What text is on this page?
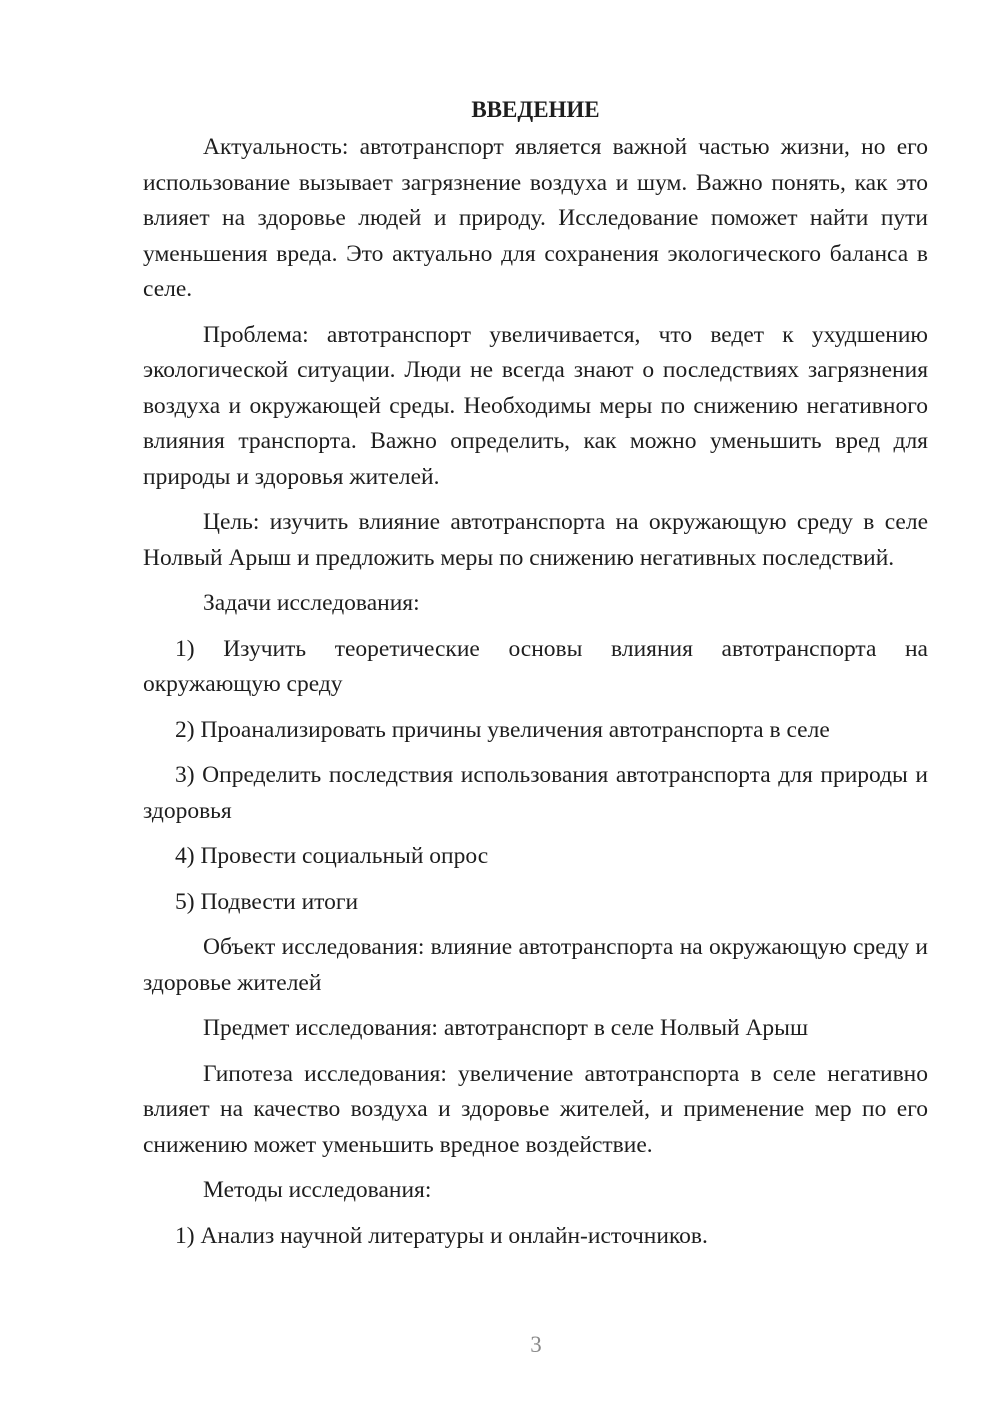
ВВЕДЕНИЕ

Актуальность: автотранспорт является важной частью жизни, но его использование вызывает загрязнение воздуха и шум. Важно понять, как это влияет на здоровье людей и природу. Исследование поможет найти пути уменьшения вреда. Это актуально для сохранения экологического баланса в селе.

Проблема: автотранспорт увеличивается, что ведет к ухудшению экологической ситуации. Люди не всегда знают о последствиях загрязнения воздуха и окружающей среды. Необходимы меры по снижению негативного влияния транспорта. Важно определить, как можно уменьшить вред для природы и здоровья жителей.

Цель: изучить влияние автотранспорта на окружающую среду в селе Нолвый Арыш и предложить меры по снижению негативных последствий.

Задачи исследования:

1) Изучить теоретические основы влияния автотранспорта на окружающую среду

2) Проанализировать причины увеличения автотранспорта в селе

3) Определить последствия использования автотранспорта для природы и здоровья

4) Провести социальный опрос

5) Подвести итоги

Объект исследования: влияние автотранспорта на окружающую среду и здоровье жителей

Предмет исследования: автотранспорт в селе Нолвый Арыш

Гипотеза исследования: увеличение автотранспорта в селе негативно влияет на качество воздуха и здоровье жителей, и применение мер по его снижению может уменьшить вредное воздействие.

Методы исследования:

1) Анализ научной литературы и онлайн-источников.

3
